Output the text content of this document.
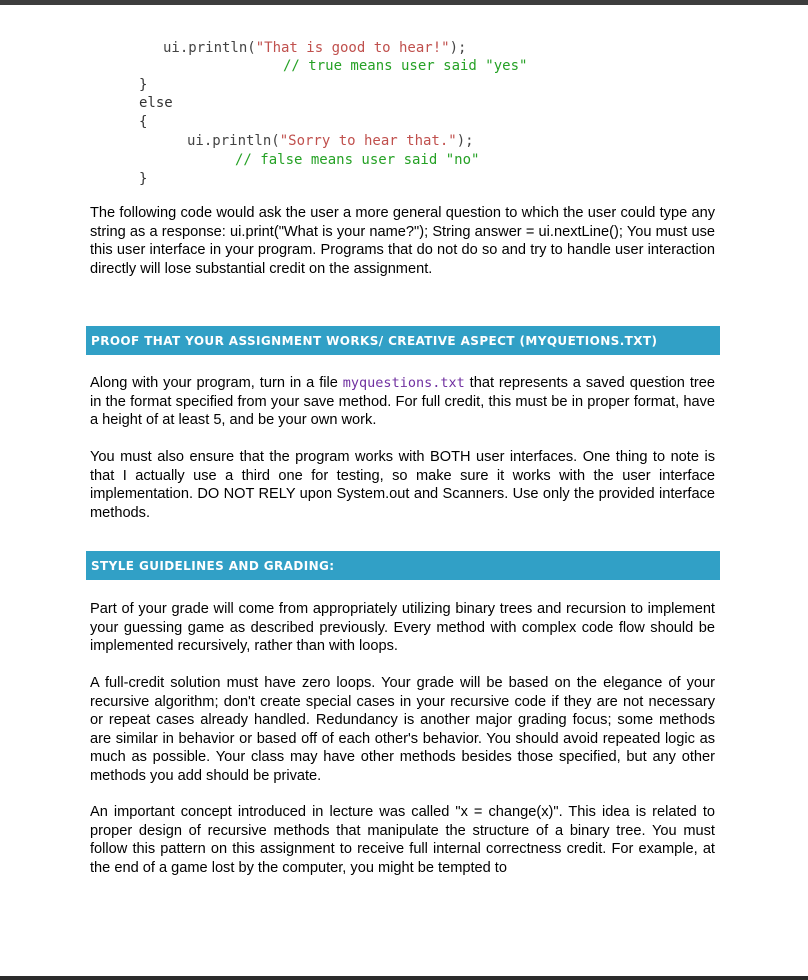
ui.println("That is good to hear!");
// true means user said "yes"
}
else
{
ui.println("Sorry to hear that.");
// false means user said "no"
}

The following code would ask the user a more general question to which the user could type any string as a response: ui.print("What is your name?"); String answer = ui.nextLine(); You must use this user interface in your program. Programs that do not do so and try to handle user interaction directly will lose substantial credit on the assignment.

PROOF THAT YOUR ASSIGNMENT WORKS/ CREATIVE ASPECT (MYQUETIONS.TXT)

Along with your program, turn in a file myquestions.txt that represents a saved question tree in the format specified from your save method. For full credit, this must be in proper format, have a height of at least 5, and be your own work.

You must also ensure that the program works with BOTH user interfaces. One thing to note is that I actually use a third one for testing, so make sure it works with the user interface implementation. DO NOT RELY upon System.out and Scanners. Use only the provided interface methods.

STYLE GUIDELINES AND GRADING:

Part of your grade will come from appropriately utilizing binary trees and recursion to implement your guessing game as described previously. Every method with complex code flow should be implemented recursively, rather than with loops.

A full-credit solution must have zero loops. Your grade will be based on the elegance of your recursive algorithm; don't create special cases in your recursive code if they are not necessary or repeat cases already handled. Redundancy is another major grading focus; some methods are similar in behavior or based off of each other's behavior. You should avoid repeated logic as much as possible. Your class may have other methods besides those specified, but any other methods you add should be private.

An important concept introduced in lecture was called "x = change(x)". This idea is related to proper design of recursive methods that manipulate the structure of a binary tree. You must follow this pattern on this assignment to receive full internal correctness credit. For example, at the end of a game lost by the computer, you might be tempted to
